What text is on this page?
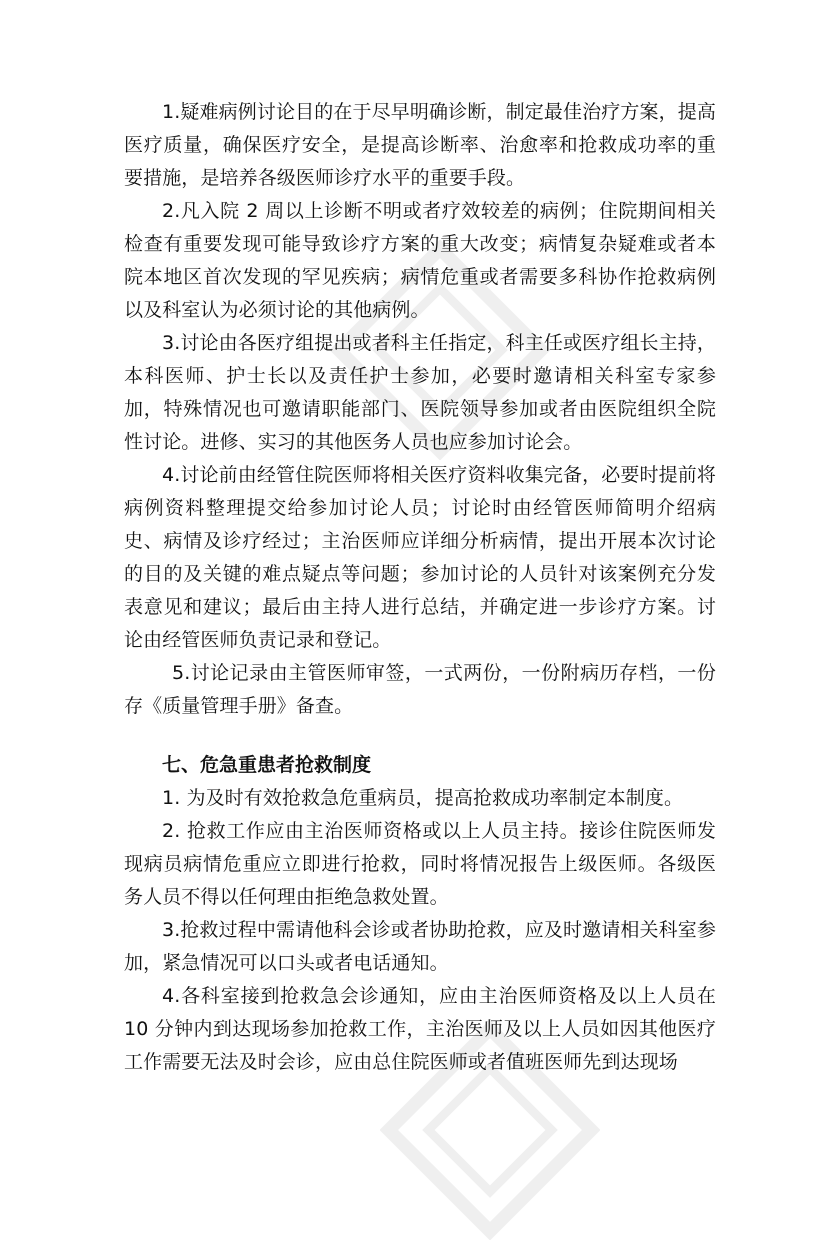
1.疑难病例讨论目的在于尽早明确诊断，制定最佳治疗方案，提高医疗质量，确保医疗安全，是提高诊断率、治愈率和抢救成功率的重要措施，是培养各级医师诊疗水平的重要手段。

2.凡入院 2 周以上诊断不明或者疗效较差的病例；住院期间相关检查有重要发现可能导致诊疗方案的重大改变；病情复杂疑难或者本院本地区首次发现的罕见疾病；病情危重或者需要多科协作抢救病例以及科室认为必须讨论的其他病例。

3.讨论由各医疗组提出或者科主任指定，科主任或医疗组长主持，本科医师、护士长以及责任护士参加，必要时邀请相关科室专家参加，特殊情况也可邀请职能部门、医院领导参加或者由医院组织全院性讨论。进修、实习的其他医务人员也应参加讨论会。

4.讨论前由经管住院医师将相关医疗资料收集完备，必要时提前将病例资料整理提交给参加讨论人员；讨论时由经管医师简明介绍病史、病情及诊疗经过；主治医师应详细分析病情，提出开展本次讨论的目的及关键的难点疑点等问题；参加讨论的人员针对该案例充分发表意见和建议；最后由主持人进行总结，并确定进一步诊疗方案。讨论由经管医师负责记录和登记。

5.讨论记录由主管医师审签，一式两份，一份附病历存档，一份存《质量管理手册》备查。

七、危急重患者抢救制度

1. 为及时有效抢救急危重病员，提高抢救成功率制定本制度。

2. 抢救工作应由主治医师资格或以上人员主持。接诊住院医师发现病员病情危重应立即进行抢救，同时将情况报告上级医师。各级医务人员不得以任何理由拒绝急救处置。

3.抢救过程中需请他科会诊或者协助抢救，应及时邀请相关科室参加，紧急情况可以口头或者电话通知。

4.各科室接到抢救急会诊通知，应由主治医师资格及以上人员在 10 分钟内到达现场参加抢救工作，主治医师及以上人员如因其他医疗工作需要无法及时会诊，应由总住院医师或者值班医师先到达现场
